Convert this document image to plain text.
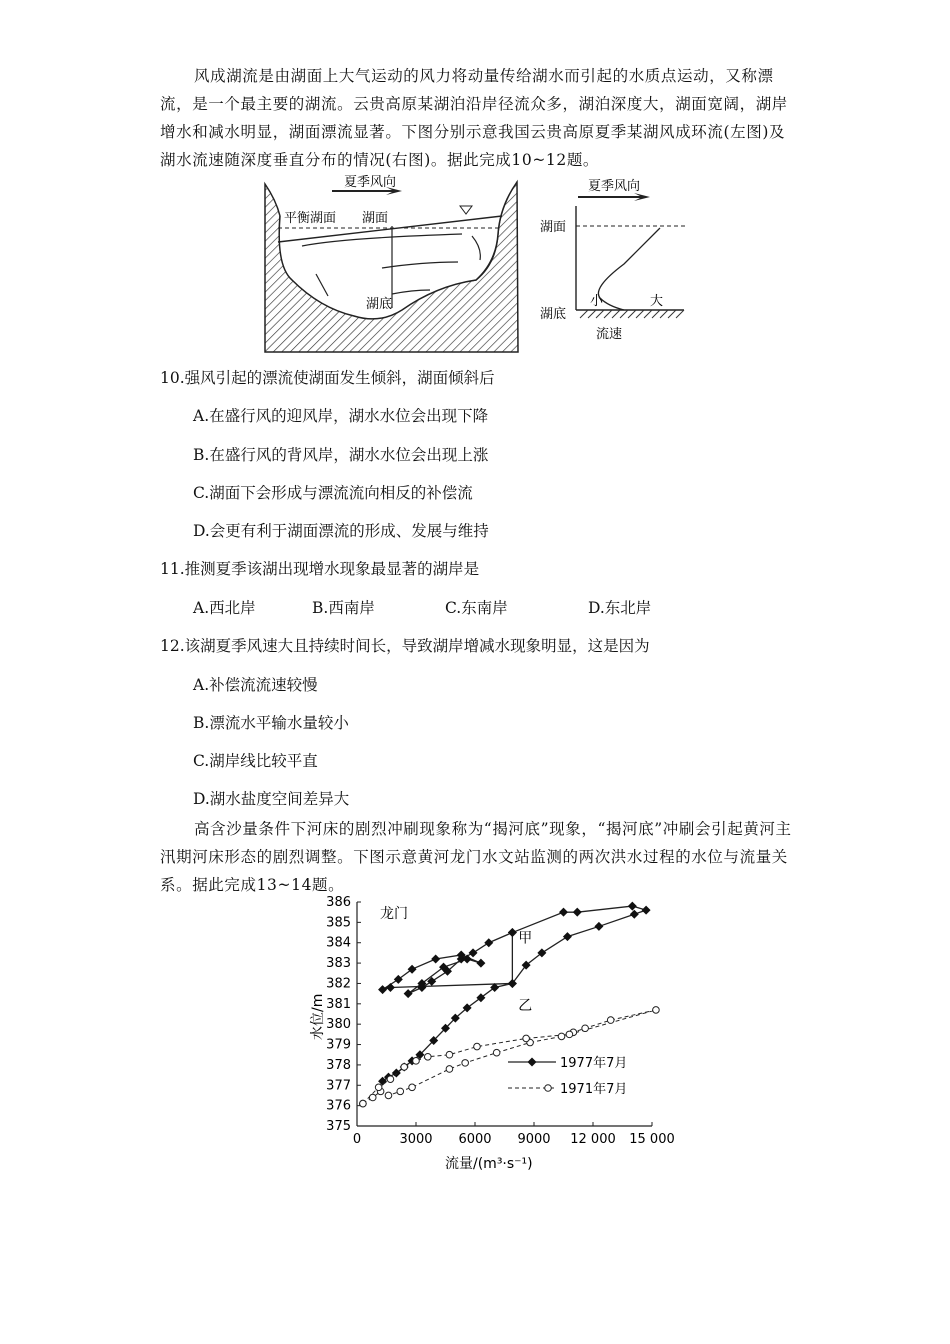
风成湖流是由湖面上大气运动的风力将动量传给湖水而引起的水质点运动，又称漂流，是一个最主要的湖流。云贵高原某湖泊沿岸径流众多，湖泊深度大，湖面宽阔，湖岸增水和减水明显，湖面漂流显著。下图分别示意我国云贵高原夏季某湖风成环流(左图)及湖水流速随深度垂直分布的情况(右图)。据此完成10~12题。
夏季风向
平衡湖面 湖面
湖底
夏季风向
湖面
湖底
小	大
流速
10.强风引起的漂流使湖面发生倾斜，湖面倾斜后
A.在盛行风的迎风岸，湖水水位会出现下降
B.在盛行风的背风岸，湖水水位会出现上涨
C.湖面下会形成与漂流流向相反的补偿流
D.会更有利于湖面漂流的形成、发展与维持
11.推测夏季该湖出现增水现象最显著的湖岸是
A.西北岸	B.西南岸	C.东南岸	D.东北岸
12.该湖夏季风速大且持续时间长，导致湖岸增减水现象明显，这是因为
A.补偿流流速较慢
B.漂流水平输水量较小
C.湖岸线比较平直
D.湖水盐度空间差异大
高含沙量条件下河床的剧烈冲刷现象称为“揭河底”现象，“揭河底”冲刷会引起黄河主汛期河床形态的剧烈调整。下图示意黄河龙门水文站监测的两次洪水过程的水位与流量关系。据此完成13~14题。
0	3000 6000 9000 12 000 15 000
375
376
377
378
379
380
381
382
383
384
385
386
龙门
甲
乙
流量/(m³·s⁻¹)
水位/m
1977年7月
1971年7月
